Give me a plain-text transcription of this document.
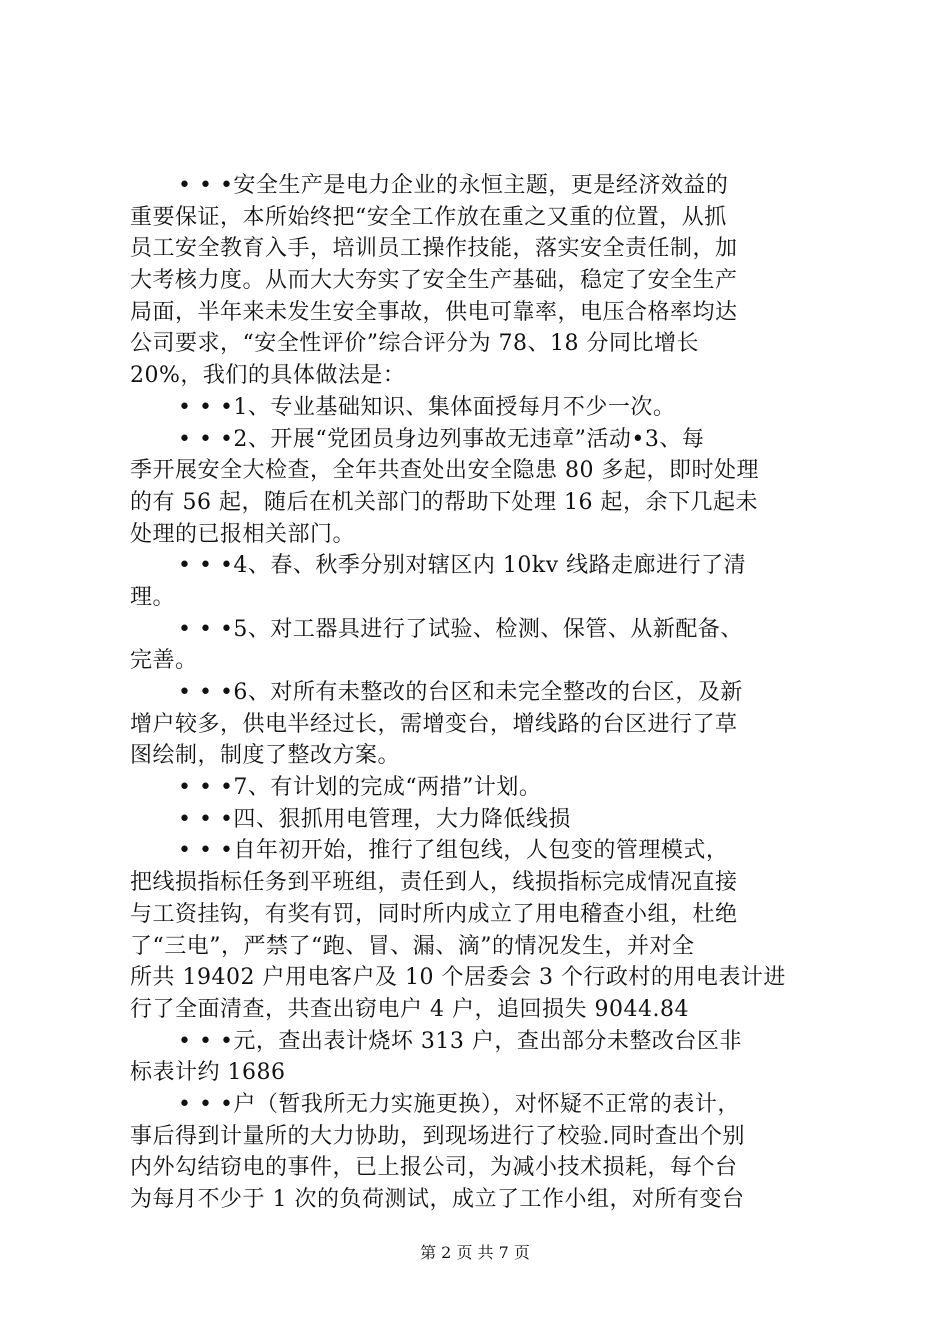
• • •安全生产是电力企业的永恒主题，更是经济效益的
重要保证，本所始终把“安全工作放在重之又重的位置，从抓
员工安全教育入手，培训员工操作技能，落实安全责任制，加
大考核力度。从而大大夯实了安全生产基础，稳定了安全生产
局面，半年来未发生安全事故，供电可靠率，电压合格率均达
公司要求，“安全性评价”综合评分为 78、18 分同比增长
20%，我们的具体做法是：
• • •1、专业基础知识、集体面授每月不少一次。
• • •2、开展“党团员身边列事故无违章”活动•3、每
季开展安全大检查，全年共查处出安全隐患 80 多起，即时处理
的有 56 起，随后在机关部门的帮助下处理 16 起，余下几起未
处理的已报相关部门。
• • •4、春、秋季分别对辖区内 10kv 线路走廊进行了清
理。
• • •5、对工器具进行了试验、检测、保管、从新配备、
完善。
• • •6、对所有未整改的台区和未完全整改的台区，及新
增户较多，供电半经过长，需增变台，增线路的台区进行了草
图绘制，制度了整改方案。
• • •7、有计划的完成“两措”计划。
• • •四、狠抓用电管理，大力降低线损
• • •自年初开始，推行了组包线，人包变的管理模式，
把线损指标任务到平班组，责任到人，线损指标完成情况直接
与工资挂钩，有奖有罚，同时所内成立了用电稽查小组，杜绝
了“三电”，严禁了“跑、冒、漏、滴”的情况发生，并对全
所共 19402 户用电客户及 10 个居委会 3 个行政村的用电表计进
行了全面清查，共查出窃电户 4 户，追回损失 9044.84
• • •元，查出表计烧坏 313 户，查出部分未整改台区非
标表计约 1686
• • •户（暂我所无力实施更换），对怀疑不正常的表计，
事后得到计量所的大力协助，到现场进行了校验.同时查出个别
内外勾结窃电的事件，已上报公司，为减小技术损耗，每个台
为每月不少于 1 次的负荷测试，成立了工作小组，对所有变台
第 2 页 共 7 页
